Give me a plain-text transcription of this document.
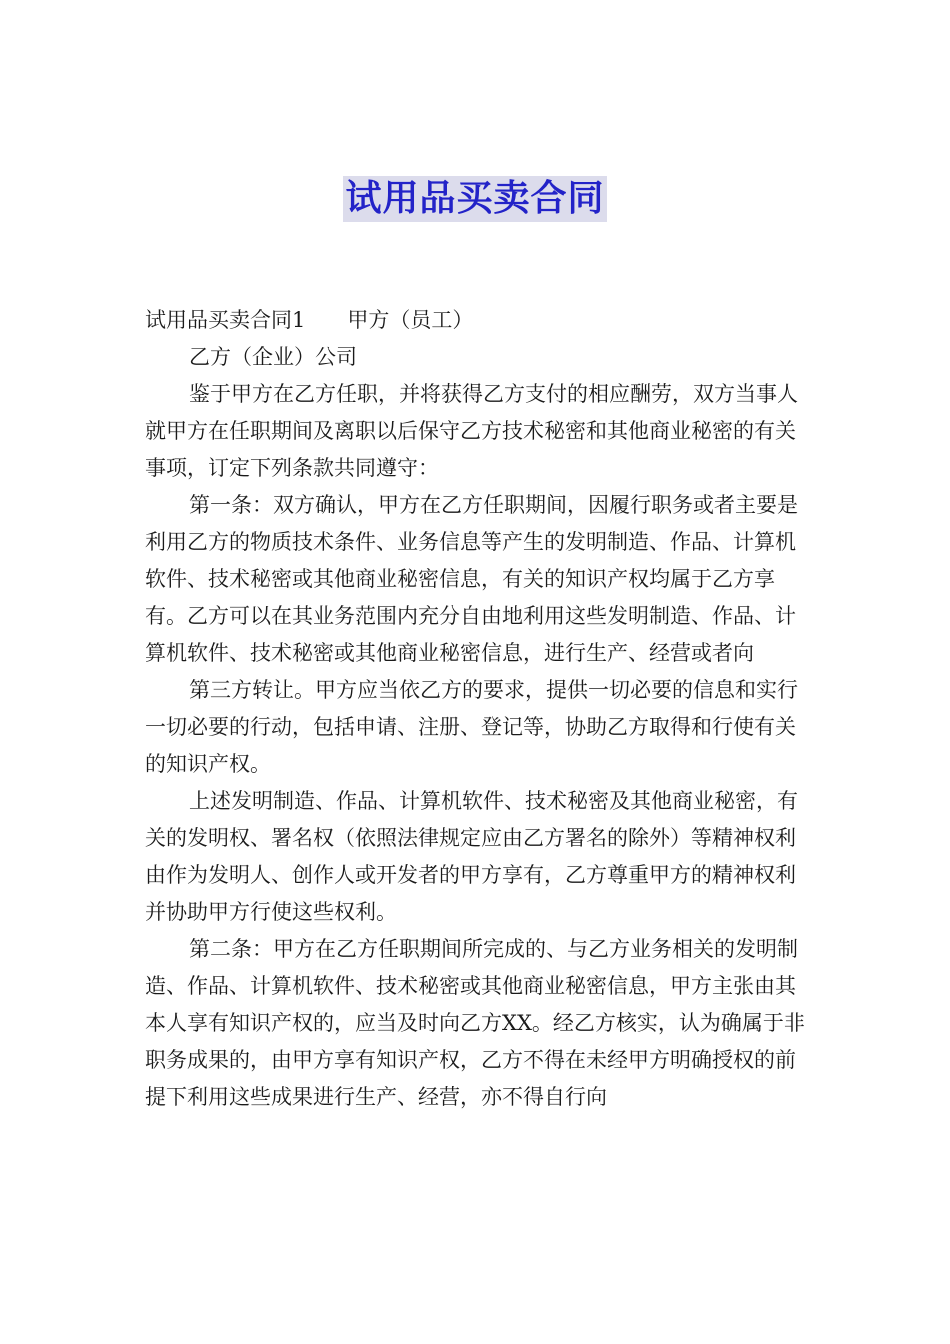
试用品买卖合同

试用品买卖合同1 甲方（员工）

乙方（企业）公司

鉴于甲方在乙方任职，并将获得乙方支付的相应酬劳，双方当事人就甲方在任职期间及离职以后保守乙方技术秘密和其他商业秘密的有关事项，订定下列条款共同遵守：

第一条：双方确认，甲方在乙方任职期间，因履行职务或者主要是利用乙方的物质技术条件、业务信息等产生的发明制造、作品、计算机软件、技术秘密或其他商业秘密信息，有关的知识产权均属于乙方享有。乙方可以在其业务范围内充分自由地利用这些发明制造、作品、计算机软件、技术秘密或其他商业秘密信息，进行生产、经营或者向

第三方转让。甲方应当依乙方的要求，提供一切必要的信息和实行一切必要的行动，包括申请、注册、登记等，协助乙方取得和行使有关的知识产权。

上述发明制造、作品、计算机软件、技术秘密及其他商业秘密，有关的发明权、署名权（依照法律规定应由乙方署名的除外）等精神权利由作为发明人、创作人或开发者的甲方享有，乙方尊重甲方的精神权利并协助甲方行使这些权利。

第二条：甲方在乙方任职期间所完成的、与乙方业务相关的发明制造、作品、计算机软件、技术秘密或其他商业秘密信息，甲方主张由其本人享有知识产权的，应当及时向乙方XX。经乙方核实，认为确属于非职务成果的，由甲方享有知识产权，乙方不得在未经甲方明确授权的前提下利用这些成果进行生产、经营，亦不得自行向
